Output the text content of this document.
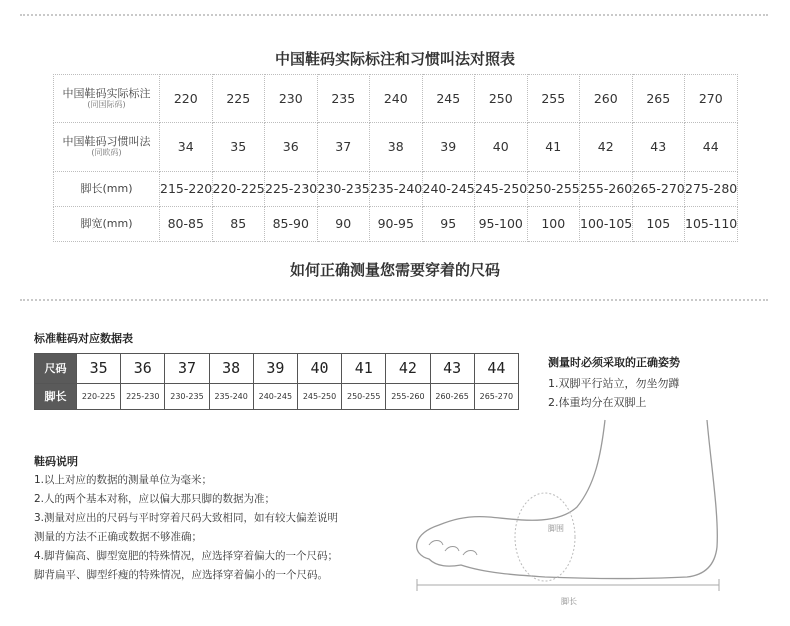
中国鞋码实际标注和习惯叫法对照表
中国鞋码实际标注
(同国际码)	220	225	230	235	240	245	250	255	260	265	270
中国鞋码习惯叫法
(同欧码)	34	35	36	37	38	39	40	41	42	43	44
脚长(mm)	215-220	220-225	225-230	230-235	235-240	240-245	245-250	250-255	255-260	265-270	275-280
脚宽(mm)	80-85	85	85-90	90	90-95	95	95-100	100	100-105	105	105-110
如何正确测量您需要穿着的尺码
标准鞋码对应数据表
尺码	35	36	37	38	39	40	41	42	43	44
脚长	220-225	225-230	230-235	235-240	240-245	245-250	250-255	255-260	260-265	265-270
鞋码说明
1.以上对应的数据的测量单位为毫米；
2.人的两个基本对称，应以偏大那只脚的数据为准；
3.测量对应出的尺码与平时穿着尺码大致相同，如有较大偏差说明
测量的方法不正确或数据不够准确；
4.脚背偏高、脚型宽肥的特殊情况，应选择穿着偏大的一个尺码；
脚背扁平、脚型纤瘦的特殊情况，应选择穿着偏小的一个尺码。
测量时必须采取的正确姿势
1.双脚平行站立，勿坐勿蹲
2.体重均分在双脚上
脚围
脚长
